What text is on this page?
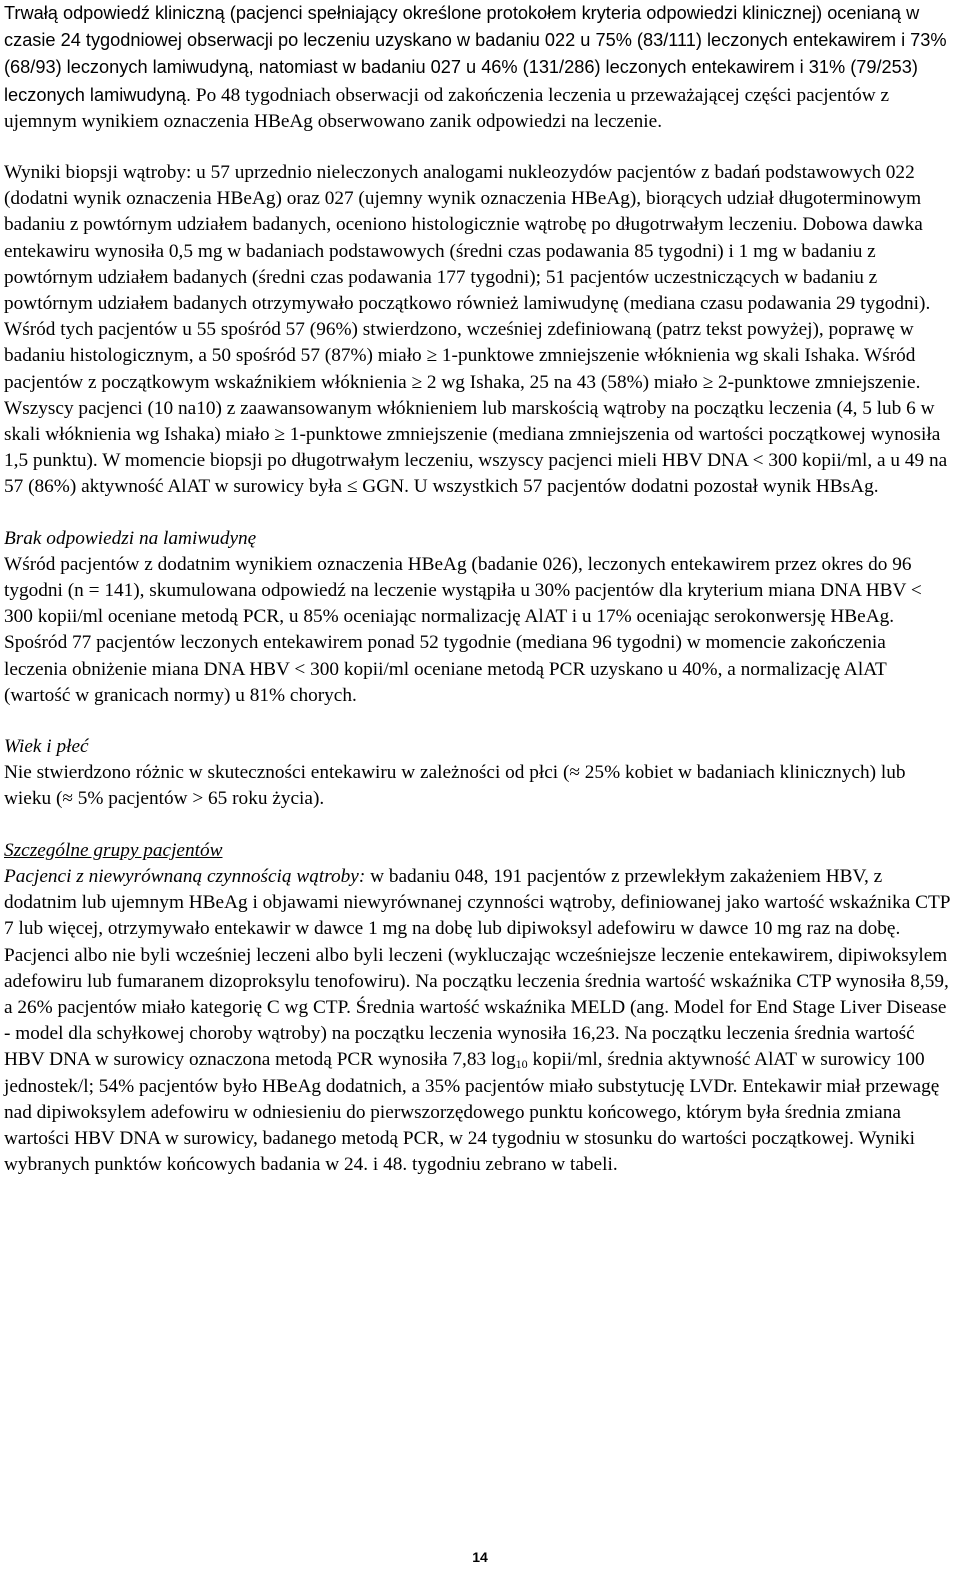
Trwałą odpowiedź kliniczną (pacjenci spełniający określone protokołem kryteria odpowiedzi klinicznej) ocenianą w czasie 24 tygodniowej obserwacji po leczeniu uzyskano w badaniu 022 u 75% (83/111) leczonych entekawirem i 73% (68/93) leczonych lamiwudyną, natomiast w badaniu 027 u 46% (131/286) leczonych entekawirem i 31% (79/253) leczonych lamiwudyną. Po 48 tygodniach obserwacji od zakończenia leczenia u przeważającej części pacjentów z ujemnym wynikiem oznaczenia HBeAg obserwowano zanik odpowiedzi na leczenie.

Wyniki biopsji wątroby: u 57 uprzednio nieleczonych analogami nukleozydów pacjentów z badań podstawowych 022 (dodatni wynik oznaczenia HBeAg) oraz 027 (ujemny wynik oznaczenia HBeAg), biorących udział długoterminowym badaniu z powtórnym udziałem badanych, oceniono histologicznie wątrobę po długotrwałym leczeniu. Dobowa dawka entekawiru wynosiła 0,5 mg w badaniach podstawowych (średni czas podawania 85 tygodni) i 1 mg w badaniu z powtórnym udziałem badanych (średni czas podawania 177 tygodni); 51 pacjentów uczestniczących w badaniu z powtórnym udziałem badanych otrzymywało początkowo również lamiwudynę (mediana czasu podawania 29 tygodni). Wśród tych pacjentów u 55 spośród 57 (96%) stwierdzono, wcześniej zdefiniowaną (patrz tekst powyżej), poprawę w badaniu histologicznym, a 50 spośród 57 (87%) miało ≥ 1-punktowe zmniejszenie włóknienia wg skali Ishaka. Wśród pacjentów z początkowym wskaźnikiem włóknienia ≥ 2 wg Ishaka, 25 na 43 (58%) miało ≥ 2-punktowe zmniejszenie. Wszyscy pacjenci (10 na10) z zaawansowanym włóknieniem lub marskością wątroby na początku leczenia (4, 5 lub 6 w skali włóknienia wg Ishaka) miało ≥ 1-punktowe zmniejszenie (mediana zmniejszenia od wartości początkowej wynosiła 1,5 punktu). W momencie biopsji po długotrwałym leczeniu, wszyscy pacjenci mieli HBV DNA < 300 kopii/ml, a u 49 na 57 (86%) aktywność AlAT w surowicy była ≤ GGN. U wszystkich 57 pacjentów dodatni pozostał wynik HBsAg.

Brak odpowiedzi na lamiwudynę

Wśród pacjentów z dodatnim wynikiem oznaczenia HBeAg (badanie 026), leczonych entekawirem przez okres do 96 tygodni (n = 141), skumulowana odpowiedź na leczenie wystąpiła u 30% pacjentów dla kryterium miana DNA HBV < 300 kopii/ml oceniane metodą PCR, u 85% oceniając normalizację AlAT i u 17% oceniając serokonwersję HBeAg.

Spośród 77 pacjentów leczonych entekawirem ponad 52 tygodnie (mediana 96 tygodni) w momencie zakończenia leczenia obniżenie miana DNA HBV < 300 kopii/ml oceniane metodą PCR uzyskano u 40%, a normalizację AlAT (wartość w granicach normy) u 81% chorych.

Wiek i płeć

Nie stwierdzono różnic w skuteczności entekawiru w zależności od płci (≈ 25% kobiet w badaniach klinicznych) lub wieku (≈ 5% pacjentów > 65 roku życia).

Szczególne grupy pacjentów

Pacjenci z niewyrównaną czynnością wątroby: w badaniu 048, 191 pacjentów z przewlekłym zakażeniem HBV, z dodatnim lub ujemnym HBeAg i objawami niewyrównanej czynności wątroby, definiowanej jako wartość wskaźnika CTP 7 lub więcej, otrzymywało entekawir w dawce 1 mg na dobę lub dipiwoksyl adefowiru w dawce 10 mg raz na dobę. Pacjenci albo nie byli wcześniej leczeni albo byli leczeni (wykluczając wcześniejsze leczenie entekawirem, dipiwoksylem adefowiru lub fumaranem dizoproksylu tenofowiru). Na początku leczenia średnia wartość wskaźnika CTP wynosiła 8,59, a 26% pacjentów miało kategorię C wg CTP. Średnia wartość wskaźnika MELD (ang. Model for End Stage Liver Disease - model dla schyłkowej choroby wątroby) na początku leczenia wynosiła 16,23. Na początku leczenia średnia wartość HBV DNA w surowicy oznaczona metodą PCR wynosiła 7,83 $\log_{10}$ kopii/ml, średnia aktywność AlAT w surowicy 100 jednostek/l; 54% pacjentów było HBeAg dodatnich, a 35% pacjentów miało substytucję LVDr. Entekawir miał przewagę nad dipiwoksylem adefowiru w odniesieniu do pierwszorzędowego punktu końcowego, którym była średnia zmiana wartości HBV DNA w surowicy, badanego metodą PCR, w 24 tygodniu w stosunku do wartości początkowej. Wyniki wybranych punktów końcowych badania w 24. i 48. tygodniu zebrano w tabeli.

14
